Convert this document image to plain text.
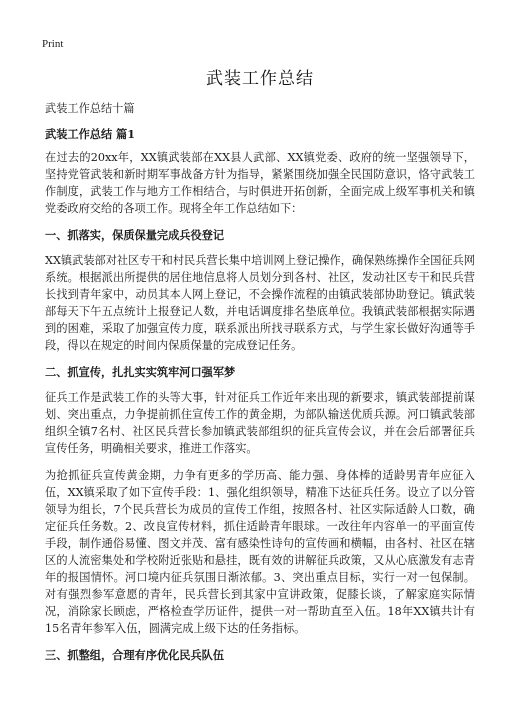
Print
武装工作总结

武装工作总结十篇

武装工作总结 篇1

在过去的20xx年，XX镇武装部在XX县人武部、XX镇党委、政府的统一坚强领导下，坚持党管武装和新时期军事战备方针为指导，紧紧围绕加强全民国防意识，恪守武装工作制度，武装工作与地方工作相结合，与时俱进开拓创新，全面完成上级军事机关和镇党委政府交给的各项工作。现将全年工作总结如下：

一、抓落实，保质保量完成兵役登记

XX镇武装部对社区专干和村民兵营长集中培训网上登记操作，确保熟练操作全国征兵网系统。根据派出所提供的居住地信息将人员划分到各村、社区，发动社区专干和民兵营长找到青年家中，动员其本人网上登记，不会操作流程的由镇武装部协助登记。镇武装部每天下午五点统计上报登记人数，并电话调度排名垫底单位。我镇武装部根据实际遇到的困难，采取了加强宣传力度，联系派出所找寻联系方式，与学生家长做好沟通等手段，得以在规定的时间内保质保量的完成登记任务。

二、抓宣传，扎扎实实筑牢河口强军梦

征兵工作是武装工作的头等大事，针对征兵工作近年来出现的新要求，镇武装部提前谋划、突出重点，力争提前抓住宣传工作的黄金期，为部队输送优质兵源。河口镇武装部组织全镇7名村、社区民兵营长参加镇武装部组织的征兵宣传会议，并在会后部署征兵宣传任务，明确相关要求，推进工作落实。

为抢抓征兵宣传黄金期，力争有更多的学历高、能力强、身体棒的适龄男青年应征入伍，XX镇采取了如下宣传手段：1、强化组织领导，精准下达征兵任务。设立了以分管领导为组长，7个民兵营长为成员的宣传工作组，按照各村、社区实际适龄人口数，确定征兵任务数。2、改良宣传材料，抓住适龄青年眼球。一改往年内容单一的平面宣传手段，制作通俗易懂、图文并茂、富有感染性诗句的宣传画和横幅，由各村、社区在辖区的人流密集处和学校附近张贴和悬挂，既有效的讲解征兵政策，又从心底激发有志青年的报国情怀。河口境内征兵氛围日渐浓郁。3、突出重点目标，实行一对一包保制。对有强烈参军意愿的青年，民兵营长到其家中宣讲政策，促膝长谈，了解家庭实际情况，消除家长顾虑，严格检查学历证件，提供一对一帮助直至入伍。18年XX镇共计有15名青年参军入伍，圆满完成上级下达的任务指标。

三、抓整组，合理有序优化民兵队伍
